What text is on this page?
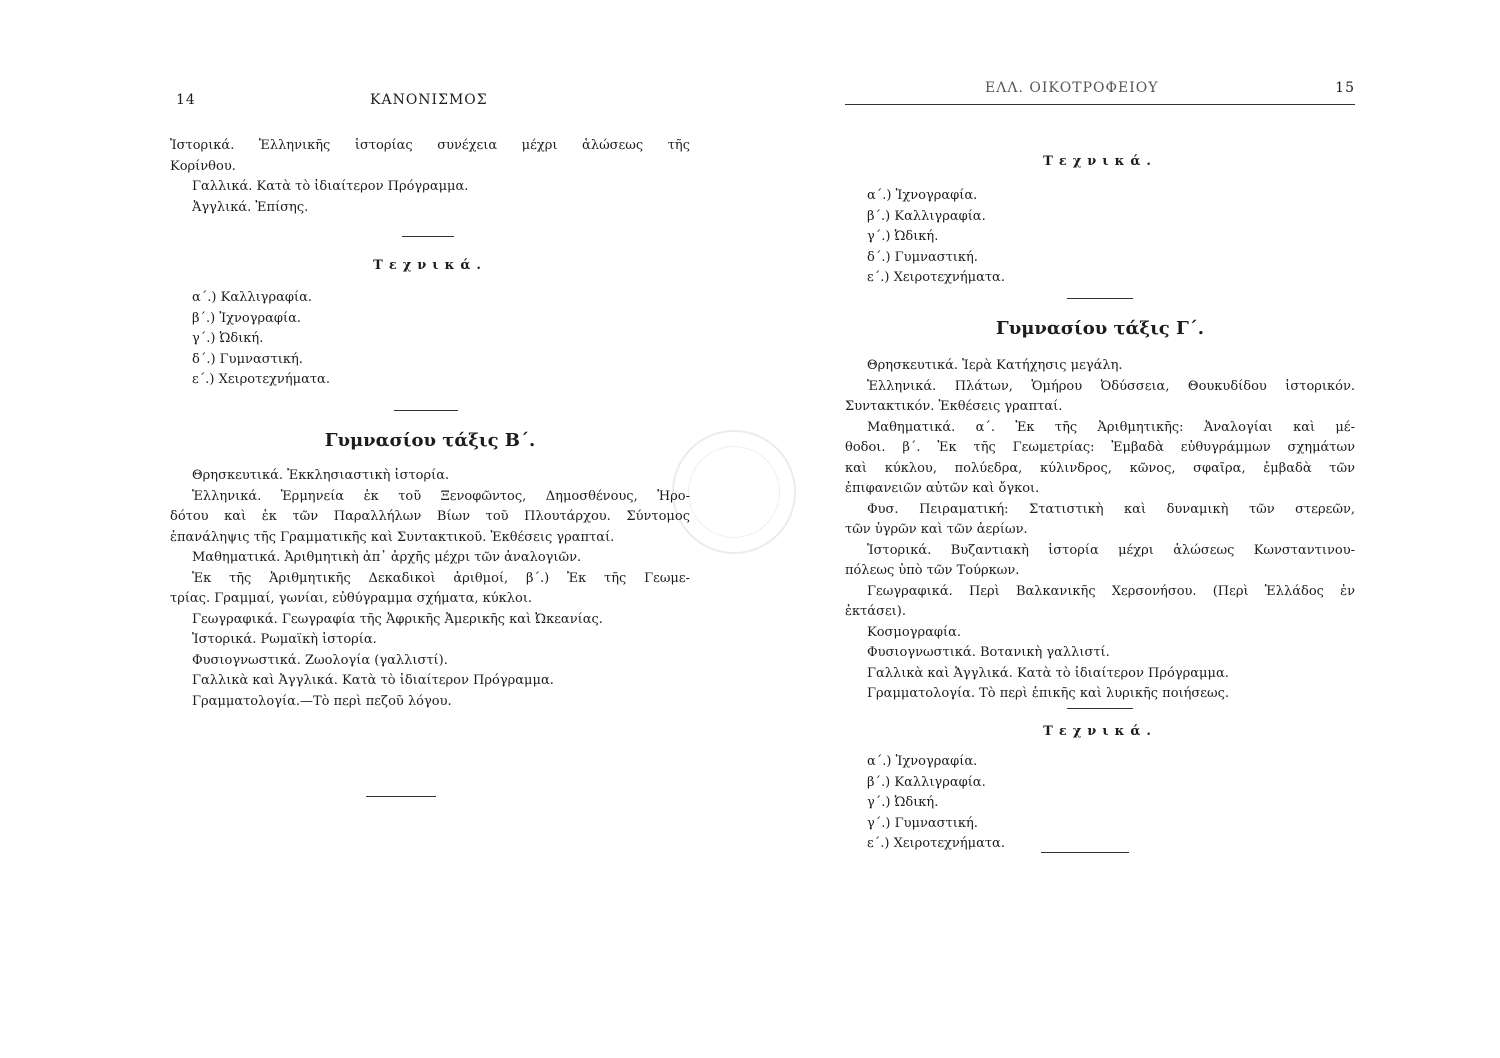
14	ΚΑΝΟΝΙΣΜΟΣ
Ἱστορικά. Ἑλληνικῆς ἱστορίας συνέχεια μέχρι ἁλώσεως τῆς
Κορίνθου.
Γαλλικά. Κατὰ τὸ ἰδιαίτερον Πρόγραμμα.
Ἀγγλικά. Ἐπίσης.
Τεχνικά.
α΄.) Καλλιγραφία.
β΄.) Ἰχνογραφία.
γ΄.) Ὠδική.
δ΄.) Γυμναστική.
ε΄.) Χειροτεχνήματα.
Γυμνασίου τάξις Β΄.
Θρησκευτικά. Ἐκκλησιαστικὴ ἱστορία.
Ἑλληνικά. Ἑρμηνεία ἐκ τοῦ Ξενοφῶντος, Δημοσθένους, Ἡρο-
δότου καὶ ἐκ τῶν Παραλλήλων Βίων τοῦ Πλουτάρχου. Σύντομος
ἐπανάληψις τῆς Γραμματικῆς καὶ Συντακτικοῦ. Ἐκθέσεις γραπταί.
Μαθηματικά. Ἀριθμητικὴ ἀπ᾽ ἀρχῆς μέχρι τῶν ἀναλογιῶν.
Ἐκ τῆς Ἀριθμητικῆς Δεκαδικοὶ ἀριθμοί, β΄.) Ἐκ τῆς Γεωμε-
τρίας. Γραμμαί, γωνίαι, εὐθύγραμμα σχήματα, κύκλοι.
Γεωγραφικά. Γεωγραφία τῆς Ἀφρικῆς Ἀμερικῆς καὶ Ὠκεανίας.
Ἱστορικά. Ρωμαϊκὴ ἱστορία.
Φυσιογνωστικά. Ζωολογία (γαλλιστί).
Γαλλικὰ καὶ Ἀγγλικά. Κατὰ τὸ ἰδιαίτερον Πρόγραμμα.
Γραμματολογία.—Τὸ περὶ πεζοῦ λόγου.
ΕΛΛ. ΟΙΚΟΤΡΟΦΕΙΟΥ	15
Τεχνικά.
α΄.) Ἰχνογραφία.
β΄.) Καλλιγραφία.
γ΄.) Ὠδική.
δ΄.) Γυμναστική.
ε΄.) Χειροτεχνήματα.
Γυμνασίου τάξις Γ΄.
Θρησκευτικά. Ἱερὰ Κατήχησις μεγάλη.
Ἑλληνικά. Πλάτων, Ὁμήρου Ὀδύσσεια, Θουκυδίδου ἱστορικόν.
Συντακτικόν. Ἐκθέσεις γραπταί.
Μαθηματικά. α΄. Ἐκ τῆς Ἀριθμητικῆς: Ἀναλογίαι καὶ μέ-
θοδοι. β΄. Ἐκ τῆς Γεωμετρίας: Ἐμβαδὰ εὐθυγράμμων σχημάτων
καὶ κύκλου, πολύεδρα, κύλινδρος, κῶνος, σφαῖρα, ἐμβαδὰ τῶν
ἐπιφανειῶν αὐτῶν καὶ ὄγκοι.
Φυσ. Πειραματική: Στατιστικὴ καὶ δυναμικὴ τῶν στερεῶν,
τῶν ὑγρῶν καὶ τῶν ἀερίων.
Ἱστορικά. Βυζαντιακὴ ἱστορία μέχρι ἁλώσεως Κωνσταντινου-
πόλεως ὑπὸ τῶν Τούρκων.
Γεωγραφικά. Περὶ Βαλκανικῆς Χερσονήσου. (Περὶ Ἑλλάδος ἐν
ἐκτάσει).
Κοσμογραφία.
Φυσιογνωστικά. Βοτανικὴ γαλλιστί.
Γαλλικὰ καὶ Ἀγγλικά. Κατὰ τὸ ἰδιαίτερον Πρόγραμμα.
Γραμματολογία. Τὸ περὶ ἐπικῆς καὶ λυρικῆς ποιήσεως.
Τεχνικά.
α΄.) Ἰχνογραφία.
β΄.) Καλλιγραφία.
γ΄.) Ὠδική.
γ΄.) Γυμναστική.
ε΄.) Χειροτεχνήματα.
